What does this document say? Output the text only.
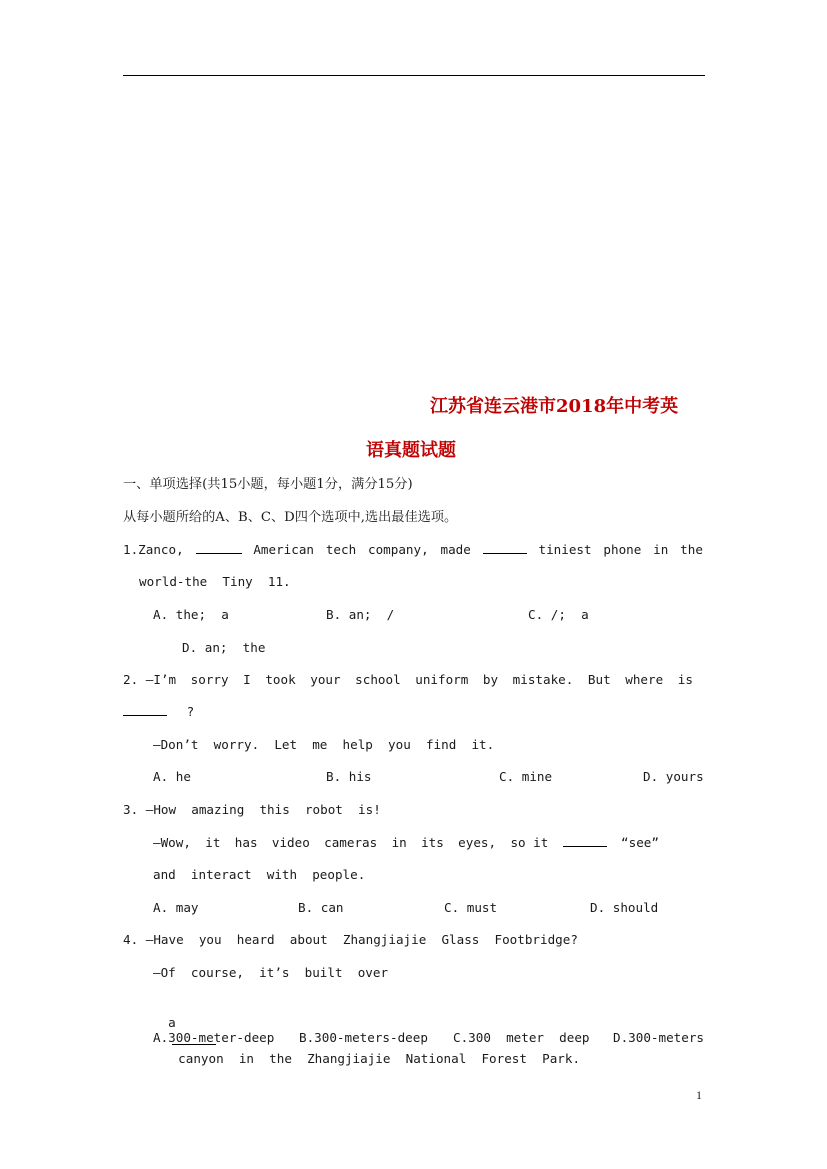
江苏省连云港市2018年中考英
语真题试题
一、单项选择(共15小题，每小题1分，满分15分)
从每小题所给的A、B、C、D四个选项中,选出最佳选项。
1.Zanco,	American tech company, made	tiniest phone in the
world-the  Tiny  11.
A. the;  a	B. an;  /	C. /;  a
D. an;  the
2. —I’m sorry I took your school uniform by mistake. But where is
?
—Don’t  worry.  Let  me  help  you  find  it.
A. he	B. his	C. mine	D. yours
3. —How  amazing  this  robot  is!
—Wow, it has video cameras in its eyes, so it	“see”
and  interact  with  people.
A. may	B. can	C. must	D. should
4. —Have  you  heard  about  Zhangjiajie  Glass  Footbridge?
—Of  course,  it’s  built  over

a

canyon  in  the  Zhangjiajie  National  Forest  Park.

A.300-meter-deep B.300-meters-deep C.300  meter  deep D.300-meters
1
